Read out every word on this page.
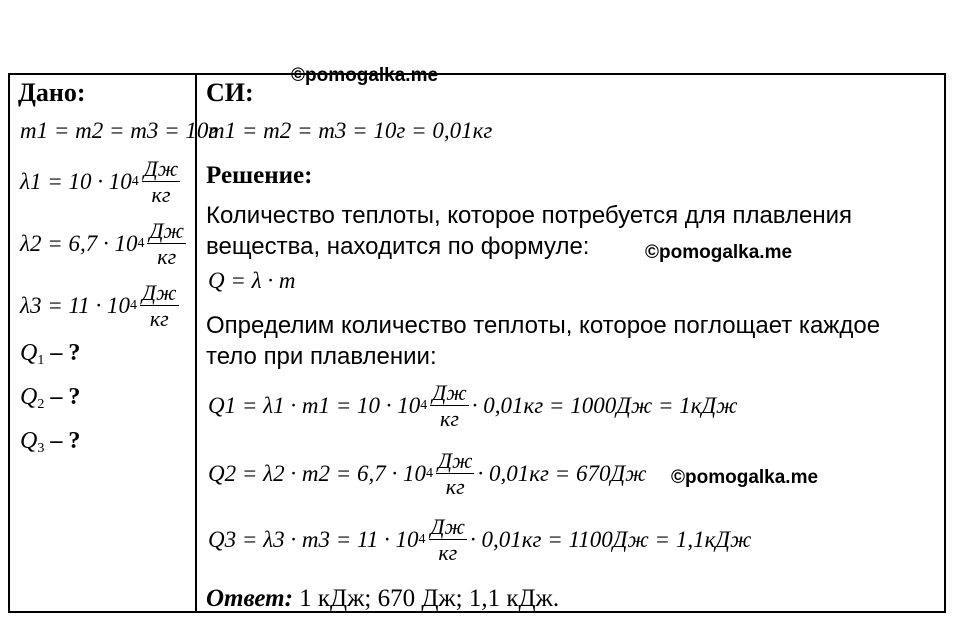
©pomogalka.me
©pomogalka.me
©pomogalka.me
Дано:
m1 = m2 = m3 = 10г
λ1 = 10 · 10 $4 \frac{Дж}{кг}$
λ2 = 6,7 · 10 $4 \frac{Дж}{кг}$
λ3 = 11 · 10 $4 \frac{Дж}{кг}$
$Q_1$ – ?
$Q_2$ – ?
$Q_3$ – ?
СИ:
m1 = m2 = m3 = 10г = 0,01кг
Решение:
Количество теплоты, которое потребуется для плавления вещества, находится по формуле:
Q = λ · m
Определим количество теплоты, которое поглощает каждое тело при плавлении:
Q1 = λ1 · m1 = 10 · 10 $4 \frac{Дж}{кг} \cdot 0,01кг = 1000Дж = 1кДж$
Q2 = λ2 · m2 = 6,7 · 10 $4 \frac{Дж}{кг} \cdot 0,01кг = 670Дж$
Q3 = λ3 · m3 = 11 · 10 $4 \frac{Дж}{кг} \cdot 0,01кг = 1100Дж = 1,1кДж$
Ответ: 1 кДж; 670 Дж; 1,1 кДж.
